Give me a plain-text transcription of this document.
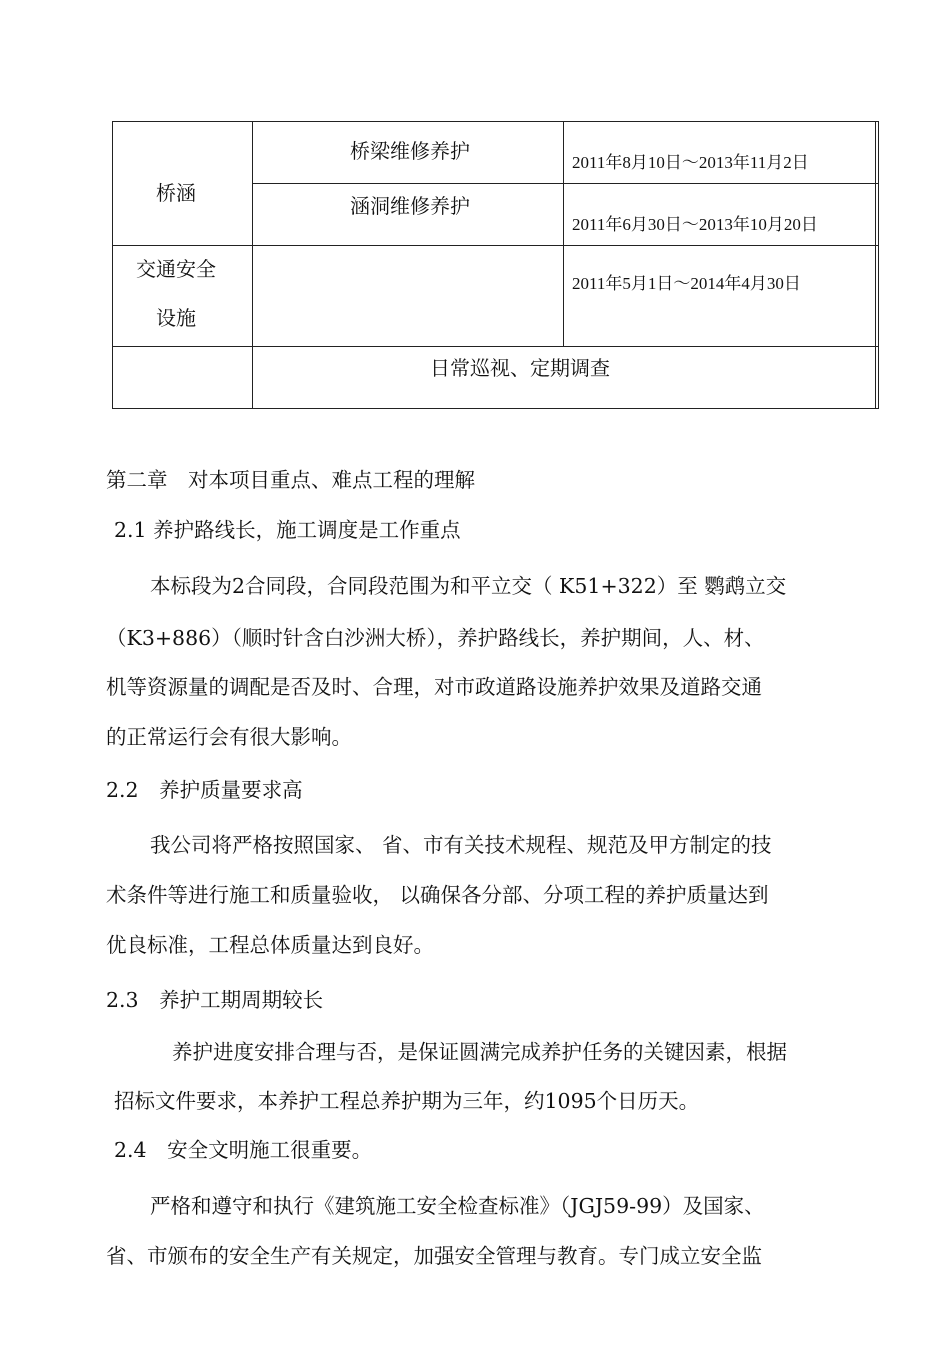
桥涵
桥梁维修养护	2011年8月10日～2013年11月2日
涵洞维修养护
2011年6月30日～2013年10月20日
交通安全
设施
2011年5月1日～2014年4月30日
日常巡视、定期调查
第二章　对本项目重点、难点工程的理解
2.1 养护路线长，施工调度是工作重点
本标段为2合同段，合同段范围为和平立交（ K51+322）至 鹦鹉立交
（K3+886）（顺时针含白沙洲大桥），养护路线长，养护期间，人、材、
机等资源量的调配是否及时、合理，对市政道路设施养护效果及道路交通
的正常运行会有很大影响。
2.2　养护质量要求高
我公司将严格按照国家、 省、市有关技术规程、规范及甲方制定的技
术条件等进行施工和质量验收， 以确保各分部、分项工程的养护质量达到
优良标准，工程总体质量达到良好。
2.3　养护工期周期较长
养护进度安排合理与否，是保证圆满完成养护任务的关键因素，根据
招标文件要求，本养护工程总养护期为三年，约1095个日历天。
2.4　安全文明施工很重要。
严格和遵守和执行《建筑施工安全检查标准》（JGJ59-99）及国家、
省、市颁布的安全生产有关规定，加强安全管理与教育。专门成立安全监
